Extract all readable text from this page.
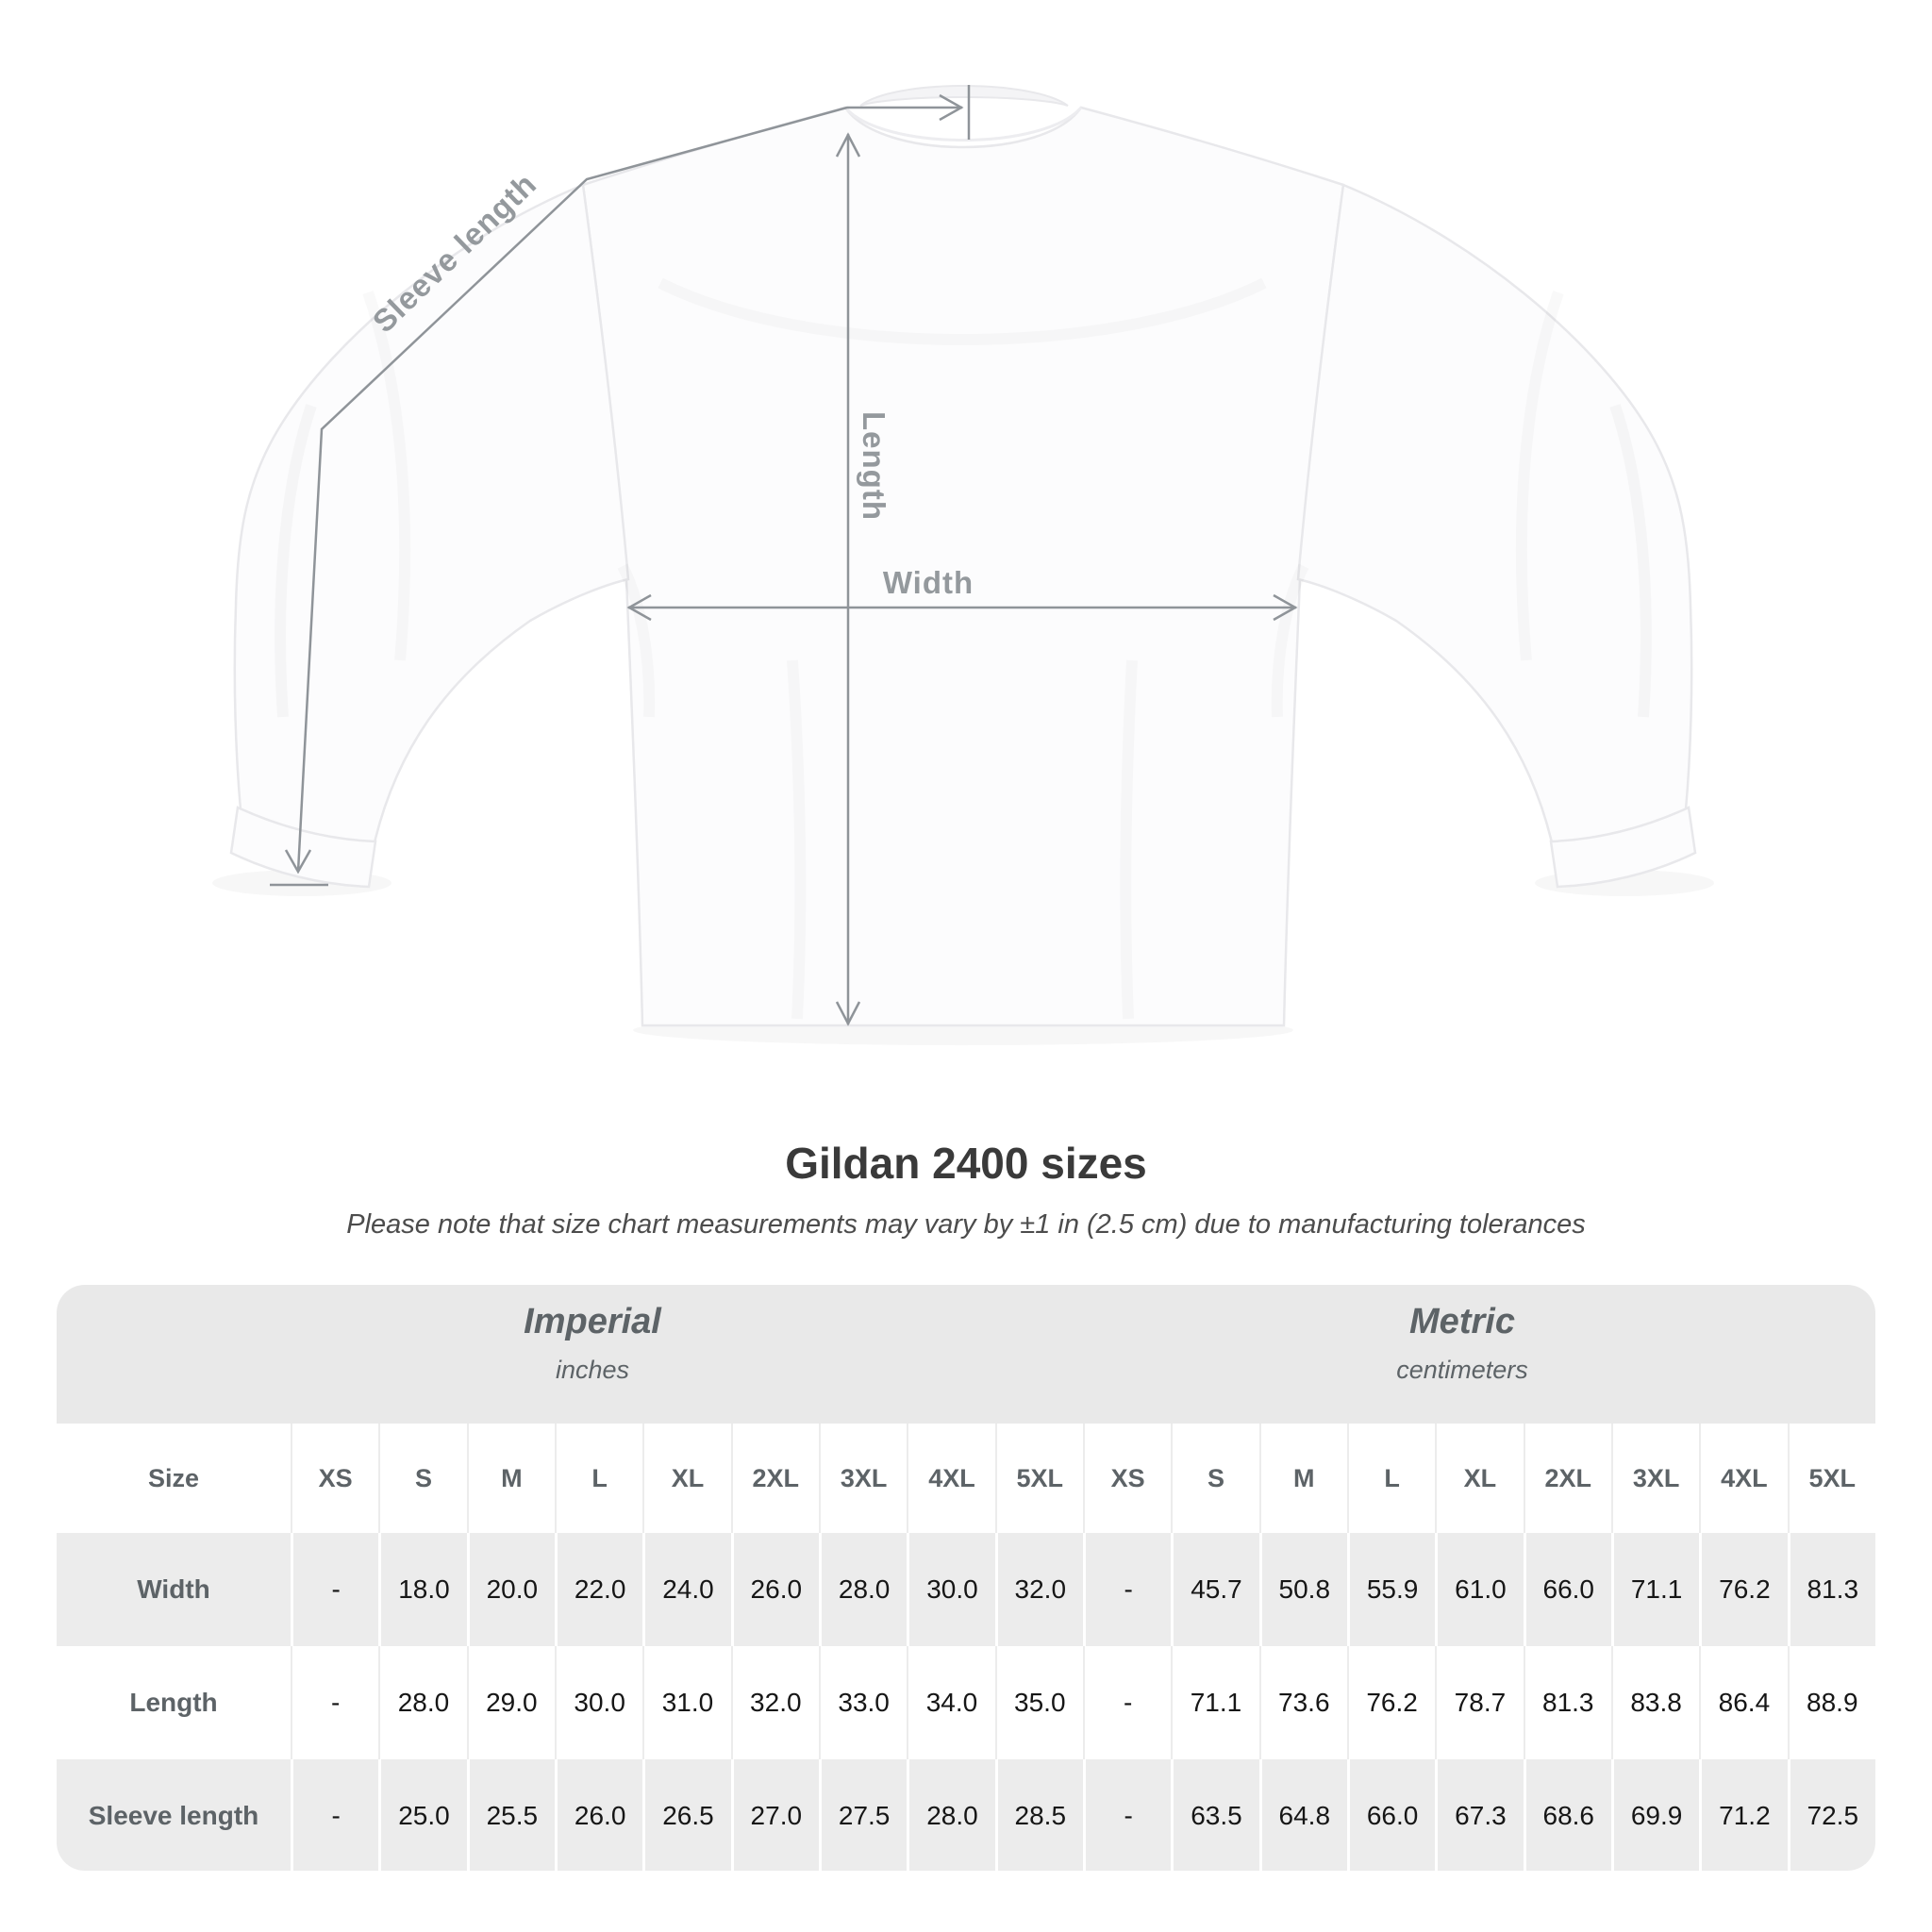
Sleeve length
Length
Width
Gildan 2400 sizes

Please note that size chart measurements may vary by ±1 in (2.5 cm) due to manufacturing tolerances

Imperial
inches
Metric
centimeters																		

Size	XS	S	M	L	XL	2XL	3XL	4XL	5XL	XS	S	M	L	XL	2XL	3XL	4XL	5XL
Width	-	18.0	20.0	22.0	24.0	26.0	28.0	30.0	32.0	-	45.7	50.8	55.9	61.0	66.0	71.1	76.2	81.3
Length	-	28.0	29.0	30.0	31.0	32.0	33.0	34.0	35.0	-	71.1	73.6	76.2	78.7	81.3	83.8	86.4	88.9
Sleeve length	-	25.0	25.5	26.0	26.5	27.0	27.5	28.0	28.5	-	63.5	64.8	66.0	67.3	68.6	69.9	71.2	72.5
